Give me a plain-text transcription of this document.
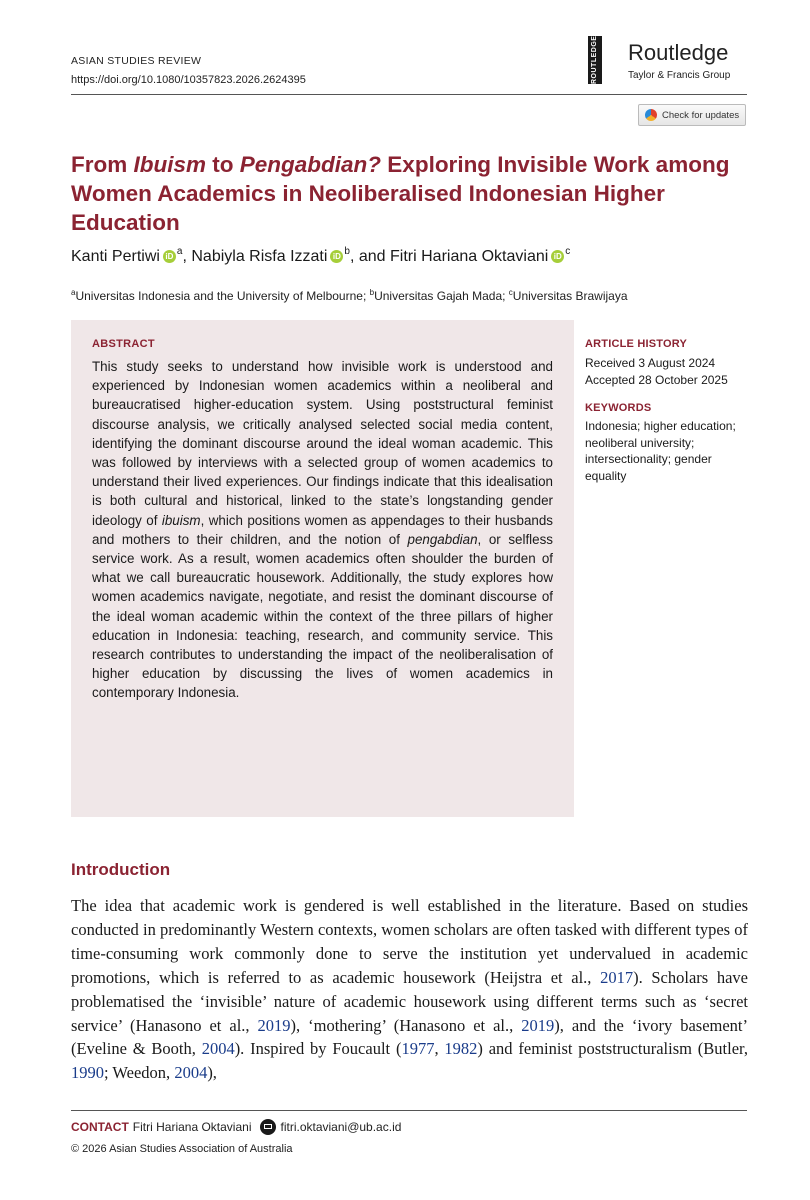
ASIAN STUDIES REVIEW
https://doi.org/10.1080/10357823.2026.2624395	ROUTLEDGE Routledge
Taylor & Francis Group
Check for updates
From Ibuism to Pengabdian? Exploring Invisible Work among Women Academics in Neoliberalised Indonesian Higher Education
Kanti Pertiwi iD $^a$, Nabiyla Risfa Izzati iD $^b$, and Fitri Hariana Oktaviani iD $^c$
$^a$Universitas Indonesia and the University of Melbourne; $^b$Universitas Gajah Mada; $^c$Universitas Brawijaya
ABSTRACT
This study seeks to understand how invisible work is understood and experienced by Indonesian women academics within a neoliberal and bureaucratised higher-education system. Using poststructural feminist discourse analysis, we critically analysed selected social media content, identifying the dominant discourse around the ideal woman academic. This was followed by interviews with a selected group of women academics to understand their lived experiences. Our findings indicate that this idealisation is both cultural and historical, linked to the state’s longstanding gender ideology of ibuism, which positions women as appendages to their husbands and mothers to their children, and the notion of pengabdian, or selfless service work. As a result, women academics often shoulder the burden of what we call bureaucratic housework. Additionally, the study explores how women academics navigate, negotiate, and resist the dominant discourse of the ideal woman academic within the context of the three pillars of higher education in Indonesia: teaching, research, and community service. This research contributes to understanding the impact of the neoliberalisation of higher education by discussing the lives of women academics in contemporary Indonesia.
ARTICLE HISTORY
Received 3 August 2024
Accepted 28 October 2025
KEYWORDS
Indonesia; higher education; neoliberal university; intersectionality; gender equality
Introduction
The idea that academic work is gendered is well established in the literature. Based on studies conducted in predominantly Western contexts, women scholars are often tasked with different types of time-consuming work commonly done to serve the institution yet undervalued in academic promotions, which is referred to as academic housework (Heijstra et al., 2017). Scholars have problematised the ‘invisible’ nature of academic housework using different terms such as ‘secret service’ (Hanasono et al., 2019), ‘mothering’ (Hanasono et al., 2019), and the ‘ivory basement’ (Eveline & Booth, 2004). Inspired by Foucault (1977, 1982) and feminist poststructuralism (Butler, 1990; Weedon, 2004),
CONTACT Fitri Hariana Oktaviani fitri.oktaviani@ub.ac.id
© 2026 Asian Studies Association of Australia
